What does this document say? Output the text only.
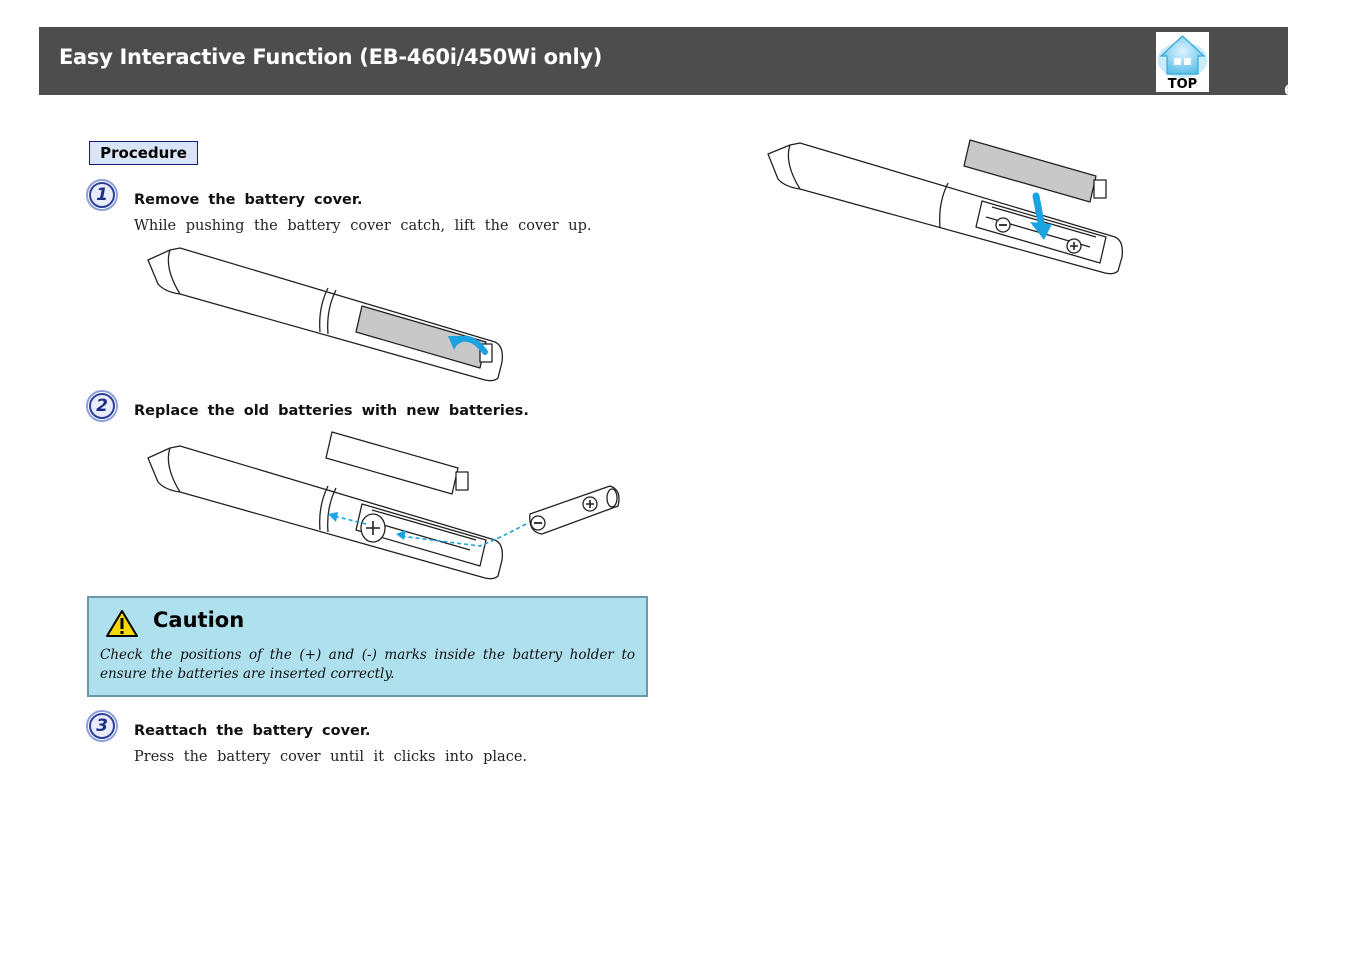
Easy Interactive Function (EB-460i/450Wi only)
62
TOP
Procedure
1	Remove the battery cover.
While pushing the battery cover catch, lift the cover up.
2	Replace the old batteries with new batteries.
Caution
Check the positions of the (+) and (-) marks inside the battery holder to ensure the batteries are inserted correctly.
3	Reattach the battery cover.
Press the battery cover until it clicks into place.
